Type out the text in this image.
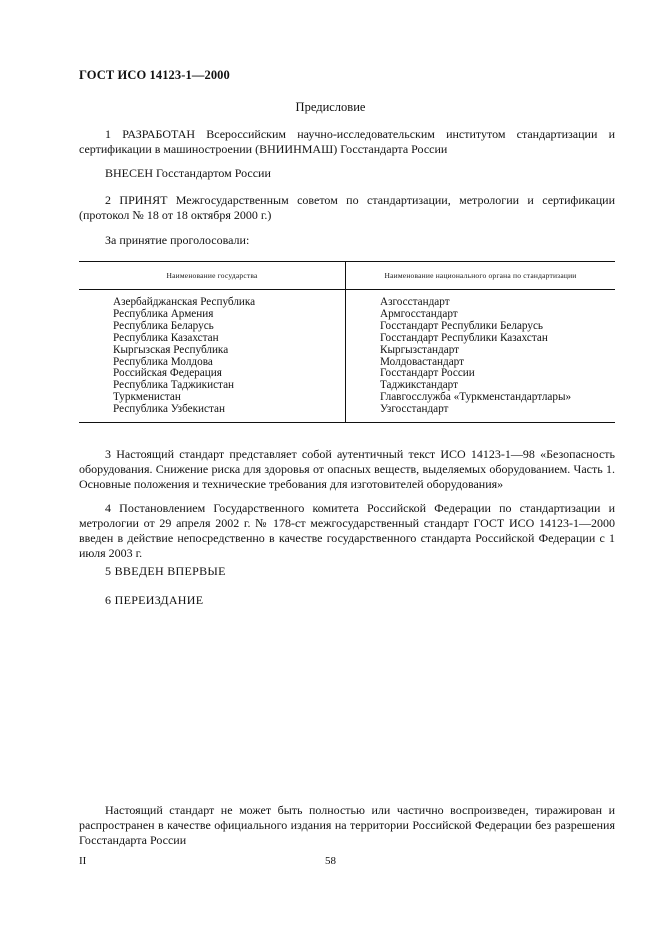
ГОСТ ИСО 14123-1—2000
Предисловие
1 РАЗРАБОТАН Всероссийским научно-исследовательским институтом стандартизации и сертификации в машиностроении (ВНИИНМАШ) Госстандарта России
ВНЕСЕН Госстандартом России
2 ПРИНЯТ Межгосударственным советом по стандартизации, метрологии и сертификации (протокол № 18 от 18 октября 2000 г.)
За принятие проголосовали:
Наименование государства	Наименование национального органа по стандартизации
Азербайджанская Республика
Республика Армения
Республика Беларусь
Республика Казахстан
Кыргызская Республика
Республика Молдова
Российская Федерация
Республика Таджикистан
Туркменистан
Республика Узбекистан
Азгосстандарт
Армгосстандарт
Госстандарт Республики Беларусь
Госстандарт Республики Казахстан
Кыргызстандарт
Молдовастандарт
Госстандарт России
Таджикстандарт
Главгосслужба «Туркменстандартлары»
Узгосстандарт
3 Настоящий стандарт представляет собой аутентичный текст ИСО 14123-1—98 «Безопасность оборудования. Снижение риска для здоровья от опасных веществ, выделяемых оборудованием. Часть 1. Основные положения и технические требования для изготовителей оборудования»
4 Постановлением Государственного комитета Российской Федерации по стандартизации и метрологии от 29 апреля 2002 г. № 178-ст межгосударственный стандарт ГОСТ ИСО 14123-1—2000 введен в действие непосредственно в качестве государственного стандарта Российской Федерации с 1 июля 2003 г.
5 ВВЕДЕН ВПЕРВЫЕ
6 ПЕРЕИЗДАНИЕ
Настоящий стандарт не может быть полностью или частично воспроизведен, тиражирован и распространен в качестве официального издания на территории Российской Федерации без разрешения Госстандарта России
II	58
